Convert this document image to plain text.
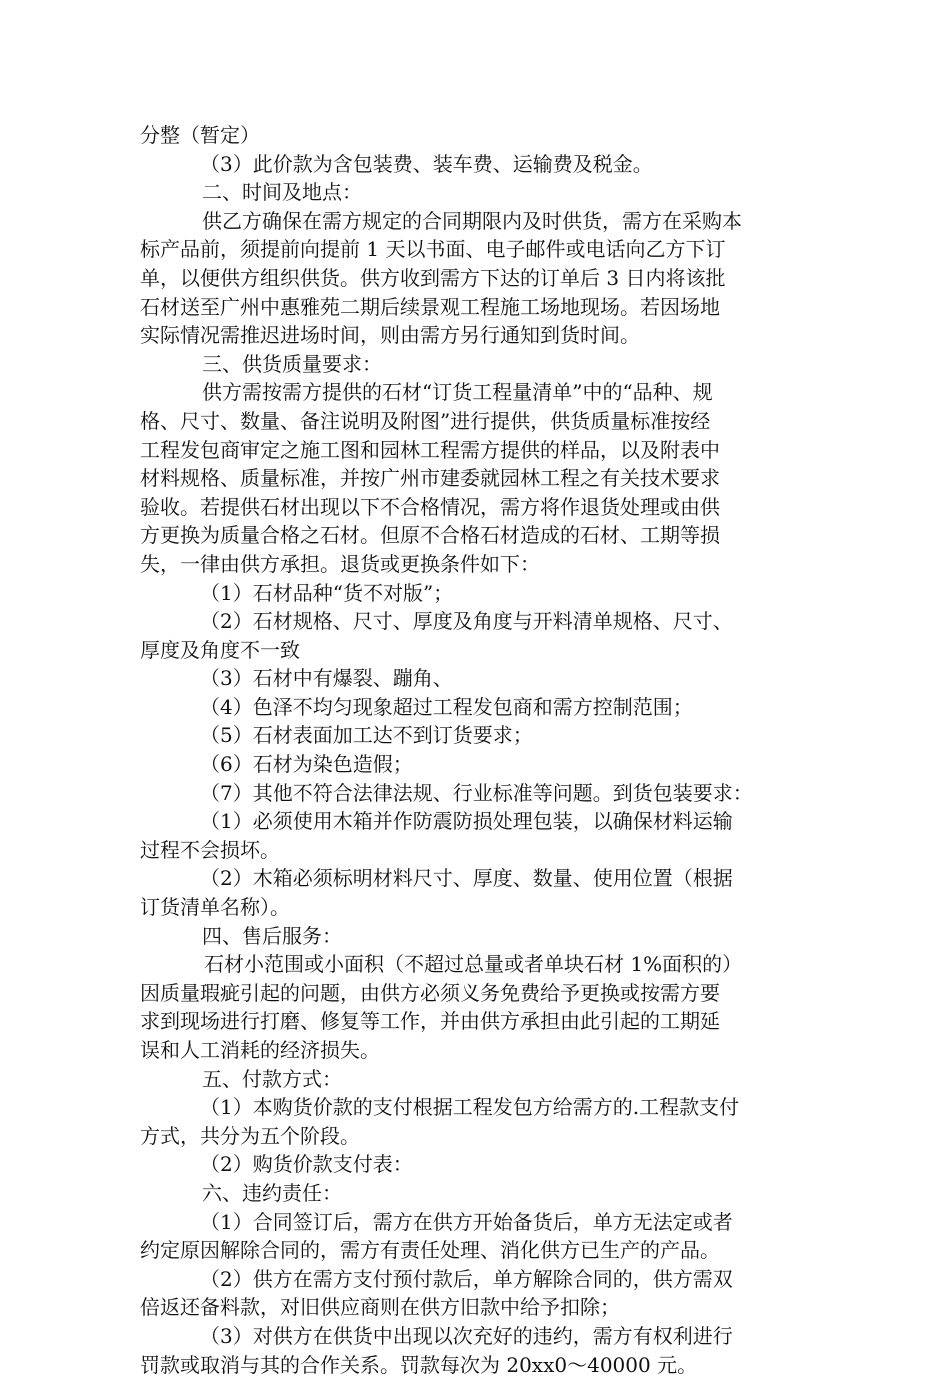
分整（暂定）
（3）此价款为含包装费、装车费、运输费及税金。
二、时间及地点：
供乙方确保在需方规定的合同期限内及时供货，需方在采购本
标产品前，须提前向提前 1 天以书面、电子邮件或电话向乙方下订
单，以便供方组织供货。供方收到需方下达的订单后 3 日内将该批
石材送至广州中惠雅苑二期后续景观工程施工场地现场。若因场地
实际情况需推迟进场时间，则由需方另行通知到货时间。
三、供货质量要求：
供方需按需方提供的石材“订货工程量清单”中的“品种、规
格、尺寸、数量、备注说明及附图”进行提供，供货质量标准按经
工程发包商审定之施工图和园林工程需方提供的样品，以及附表中
材料规格、质量标准，并按广州市建委就园林工程之有关技术要求
验收。若提供石材出现以下不合格情况，需方将作退货处理或由供
方更换为质量合格之石材。但原不合格石材造成的石材、工期等损
失，一律由供方承担。退货或更换条件如下：
（1）石材品种“货不对版”；
（2）石材规格、尺寸、厚度及角度与开料清单规格、尺寸、
厚度及角度不一致
（3）石材中有爆裂、蹦角、
（4）色泽不均匀现象超过工程发包商和需方控制范围；
（5）石材表面加工达不到订货要求；
（6）石材为染色造假；
（7）其他不符合法律法规、行业标准等问题。到货包装要求：
（1）必须使用木箱并作防震防损处理包装，以确保材料运输
过程不会损坏。
（2）木箱必须标明材料尺寸、厚度、数量、使用位置（根据
订货清单名称）。
四、售后服务：
石材小范围或小面积（不超过总量或者单块石材 1%面积的）
因质量瑕疵引起的问题，由供方必须义务免费给予更换或按需方要
求到现场进行打磨、修复等工作，并由供方承担由此引起的工期延
误和人工消耗的经济损失。
五、付款方式：
（1）本购货价款的支付根据工程发包方给需方的.工程款支付
方式，共分为五个阶段。
（2）购货价款支付表：
六、违约责任：
（1）合同签订后，需方在供方开始备货后，单方无法定或者
约定原因解除合同的，需方有责任处理、消化供方已生产的产品。
（2）供方在需方支付预付款后，单方解除合同的，供方需双
倍返还备料款，对旧供应商则在供方旧款中给予扣除；
（3）对供方在供货中出现以次充好的违约，需方有权利进行
罚款或取消与其的合作关系。罚款每次为 20xx0～40000 元。
